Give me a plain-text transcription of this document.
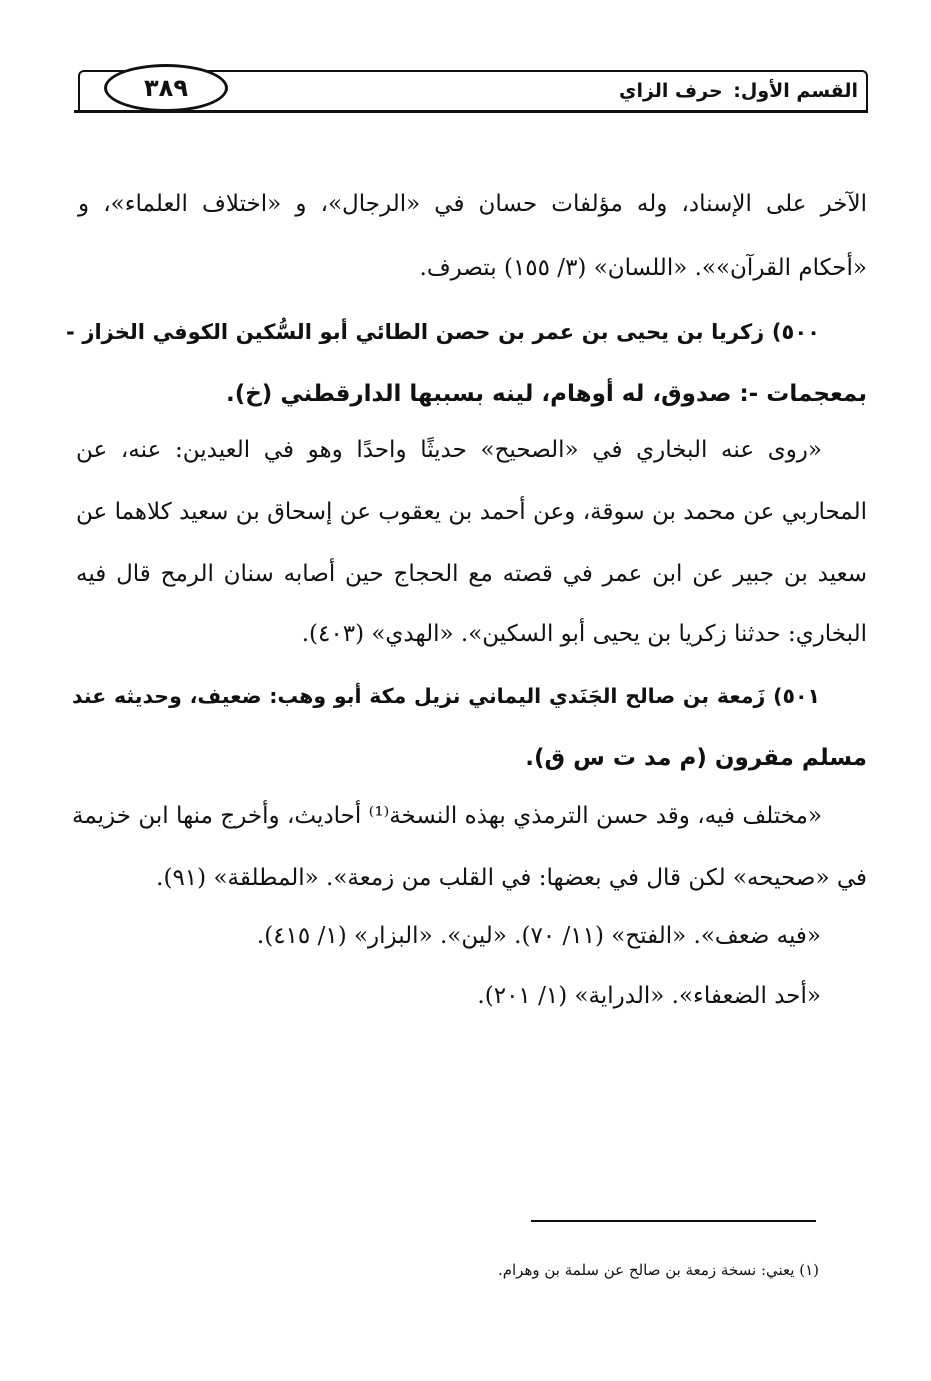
٣٨٩	القسم الأول: حرف الزاي
الآخر على الإسناد، وله مؤلفات حسان في «الرجال»، و «اختلاف العلماء»، و
«أحكام القرآن»». «اللسان» (٣/ ١٥٥) بتصرف.
٥٠٠) زكريا بن يحيى بن عمر بن حصن الطائي أبو السُّكين الكوفي الخزاز -
بمعجمات -: صدوق، له أوهام، لينه بسببها الدارقطني (خ).
«روى عنه البخاري في «الصحيح» حديثًا واحدًا وهو في العيدين: عنه، عن
المحاربي عن محمد بن سوقة، وعن أحمد بن يعقوب عن إسحاق بن سعيد كلاهما عن
سعيد بن جبير عن ابن عمر في قصته مع الحجاج حين أصابه سنان الرمح قال فيه
البخاري: حدثنا زكريا بن يحيى أبو السكين». «الهدي» (٤٠٣).
٥٠١) زَمعة بن صالح الجَنَدي اليماني نزيل مكة أبو وهب: ضعيف، وحديثه عند
مسلم مقرون (م مد ت س ق).
«مختلف فيه، وقد حسن الترمذي بهذه النسخة⁽¹⁾ أحاديث، وأخرج منها ابن خزيمة
في «صحيحه» لكن قال في بعضها: في القلب من زمعة». «المطلقة» (٩١).
«فيه ضعف». «الفتح» (١١/ ٧٠). «لين». «البزار» (١/ ٤١٥).
«أحد الضعفاء». «الدراية» (١/ ٢٠١).
(١) يعني: نسخة زمعة بن صالح عن سلمة بن وهرام.
